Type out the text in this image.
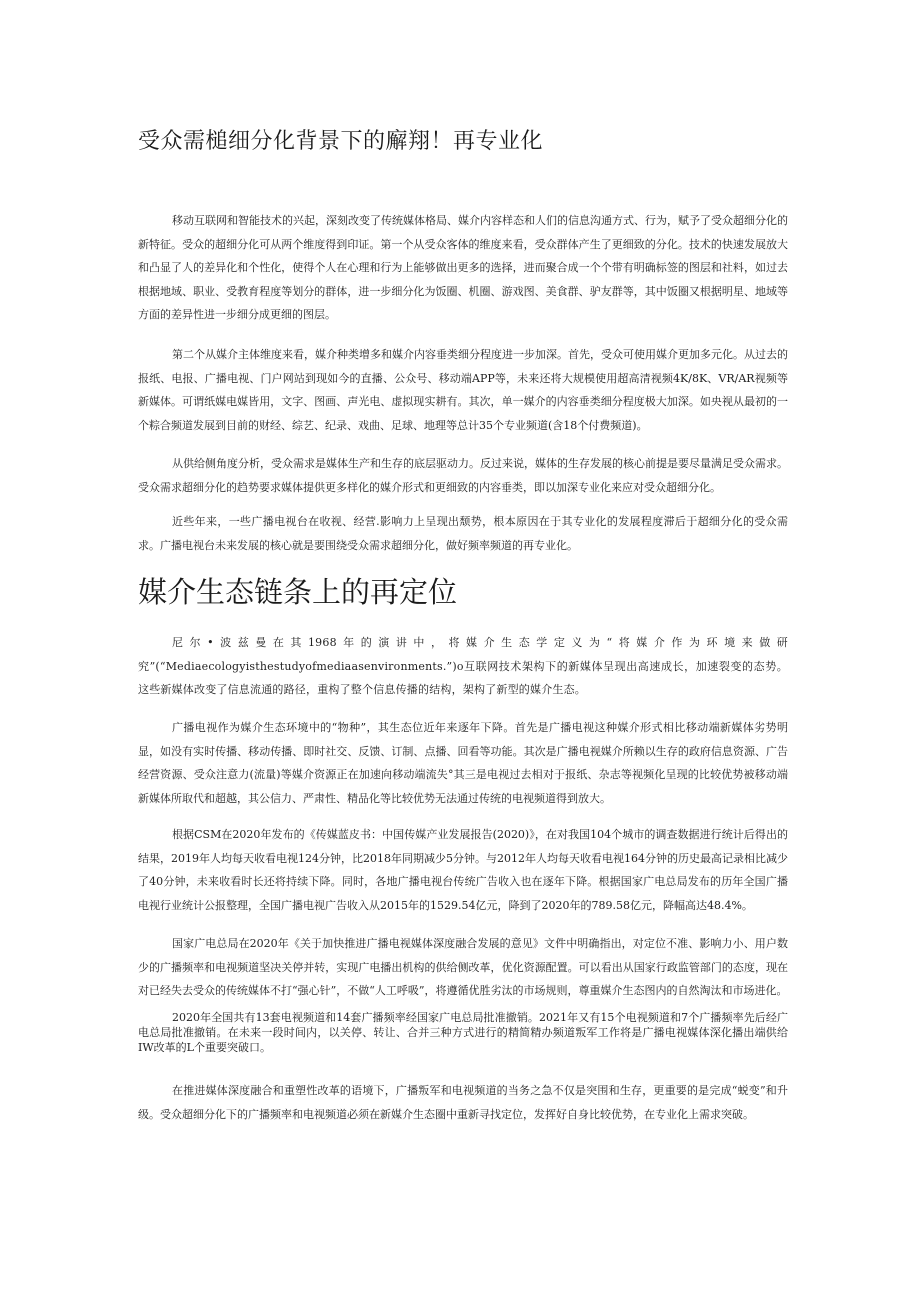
受众需槌细分化背景下的廨翔！再专业化

移动互联网和智能技术的兴起，深刻改变了传统媒体格局、媒介内容样态和人们的信息沟通方式、行为，赋予了受众超细分化的新特征。受众的超细分化可从两个维度得到印证。第一个从受众客体的维度来看，受众群体产生了更细致的分化。技术的快速发展放大和凸显了人的差异化和个性化，使得个人在心理和行为上能够做出更多的选择，进而聚合成一个个带有明确标签的图层和社料，如过去根据地域、职业、受教育程度等划分的群体，进一步细分化为饭圈、机圈、游戏图、美食群、驴友群等，其中饭圈又根据明星、地域等方面的差异性进一步细分成更细的图层。

第二个从媒介主体维度来看，媒介种类增多和媒介内容垂类细分程度进一步加深。首先，受众可使用媒介更加多元化。从过去的报纸、电报、广播电视、门户网站到现如今的直播、公众号、移动端APP等，未来还将大规模使用超高清视频4K/8K、VR/AR视频等新媒体。可谓纸媒电媒皆用，文字、图画、声光电、虚拟现实耕有。其次，单一媒介的内容垂类细分程度极大加深。如央视从最初的一个粽合频道发展到目前的财经、综艺、纪录、戏曲、足球、地理等总计35个专业频道(含18个付费频道)。

从供给侧角度分析，受众需求是媒体生产和生存的底层驱动力。反过来说，媒体的生存发展的核心前提是要尽量满足受众需求。受众需求超细分化的趋势要求媒体提供更多样化的媒介形式和更细致的内容垂类，即以加深专业化来应对受众超细分化。

近些年来，一些广播电视台在收视、经营.影响力上呈现出颓势，根本原因在于其专业化的发展程度滞后于超细分化的受众需求。广播电视台未来发展的核心就是要围绕受众需求超细分化，做好频率频道的再专业化。

媒介生态链条上的再定位

尼尔•波兹曼在其1968年的演讲中，将媒介生态学定义为“将媒介作为环境来做研究”(“Mediaecologyisthestudyofmediaasenvironments.”)o互联网技术架构下的新媒体呈现出高速成长，加速裂变的态势。这些新媒体改变了信息流通的路径，重构了整个信息传播的结构，架构了新型的媒介生态。

广播电视作为媒介生态环境中的“物种”，其生态位近年来逐年下降。首先是广播电视这种媒介形式相比移动端新媒体劣势明显，如没有实时传播、移动传播、即时社交、反馈、订制、点播、回看等功能。其次是广播电视媒介所赖以生存的政府信息资源、广告经营资源、受众注意力(流量)等媒介资源正在加速向移动端流失°其三是电视过去相对于报纸、杂志等视频化呈现的比较优势被移动端新媒体所取代和超越，其公信力、严肃性、精品化等比较优势无法通过传统的电视频道得到放大。

根据CSM在2020年发布的《传媒蓝皮书：中国传媒产业发展报告(2020)》，在对我国104个城市的调查数据进行统计后得出的结果，2019年人均每天收看电视124分钟，比2018年同期减少5分钟。与2012年人均每天收看电视164分钟的历史最高记录相比减少了40分钟，未来收看时长还将持续下降。同时，各地广播电视台传统广告收入也在逐年下降。根据国家广电总局发布的历年全国广播电视行业统计公报整理，全国广播电视广告收入从2015年的1529.54亿元，降到了2020年的789.58亿元，降幅高达48.4%。

国家广电总局在2020年《关于加快推进广播电视媒体深度融合发展的意见》文件中明确指出，对定位不准、影响力小、用户数少的广播频率和电视频道坚决关停并转，实现广电播出机构的供给侧改革，优化资源配置。可以看出从国家行政监管部门的态度，现在对已经失去受众的传统媒体不打“强心针”，不做“人工呼吸”，将遵循优胜劣汰的市场规则，尊重媒介生态图内的自然淘汰和市场进化。

2020年全国共有13套电视频道和14套广播频率经国家广电总局批准撤销。2021年又有15个电视频道和7个广播频率先后经广电总局批准撤销。在未来一段时间内，以关停、转让、合并三种方式进行的精简精办频道叛军工作将是广播电视媒体深化播出端供给IW改革的L个重要突破口。

在推进媒体深度融合和重塑性改革的语境下，广播叛军和电视频道的当务之急不仅是突围和生存，更重要的是完成“蜕变”和升级。受众超细分化下的广播频率和电视频道必须在新媒介生态圈中重新寻找定位，发挥好自身比较优势，在专业化上需求突破。
